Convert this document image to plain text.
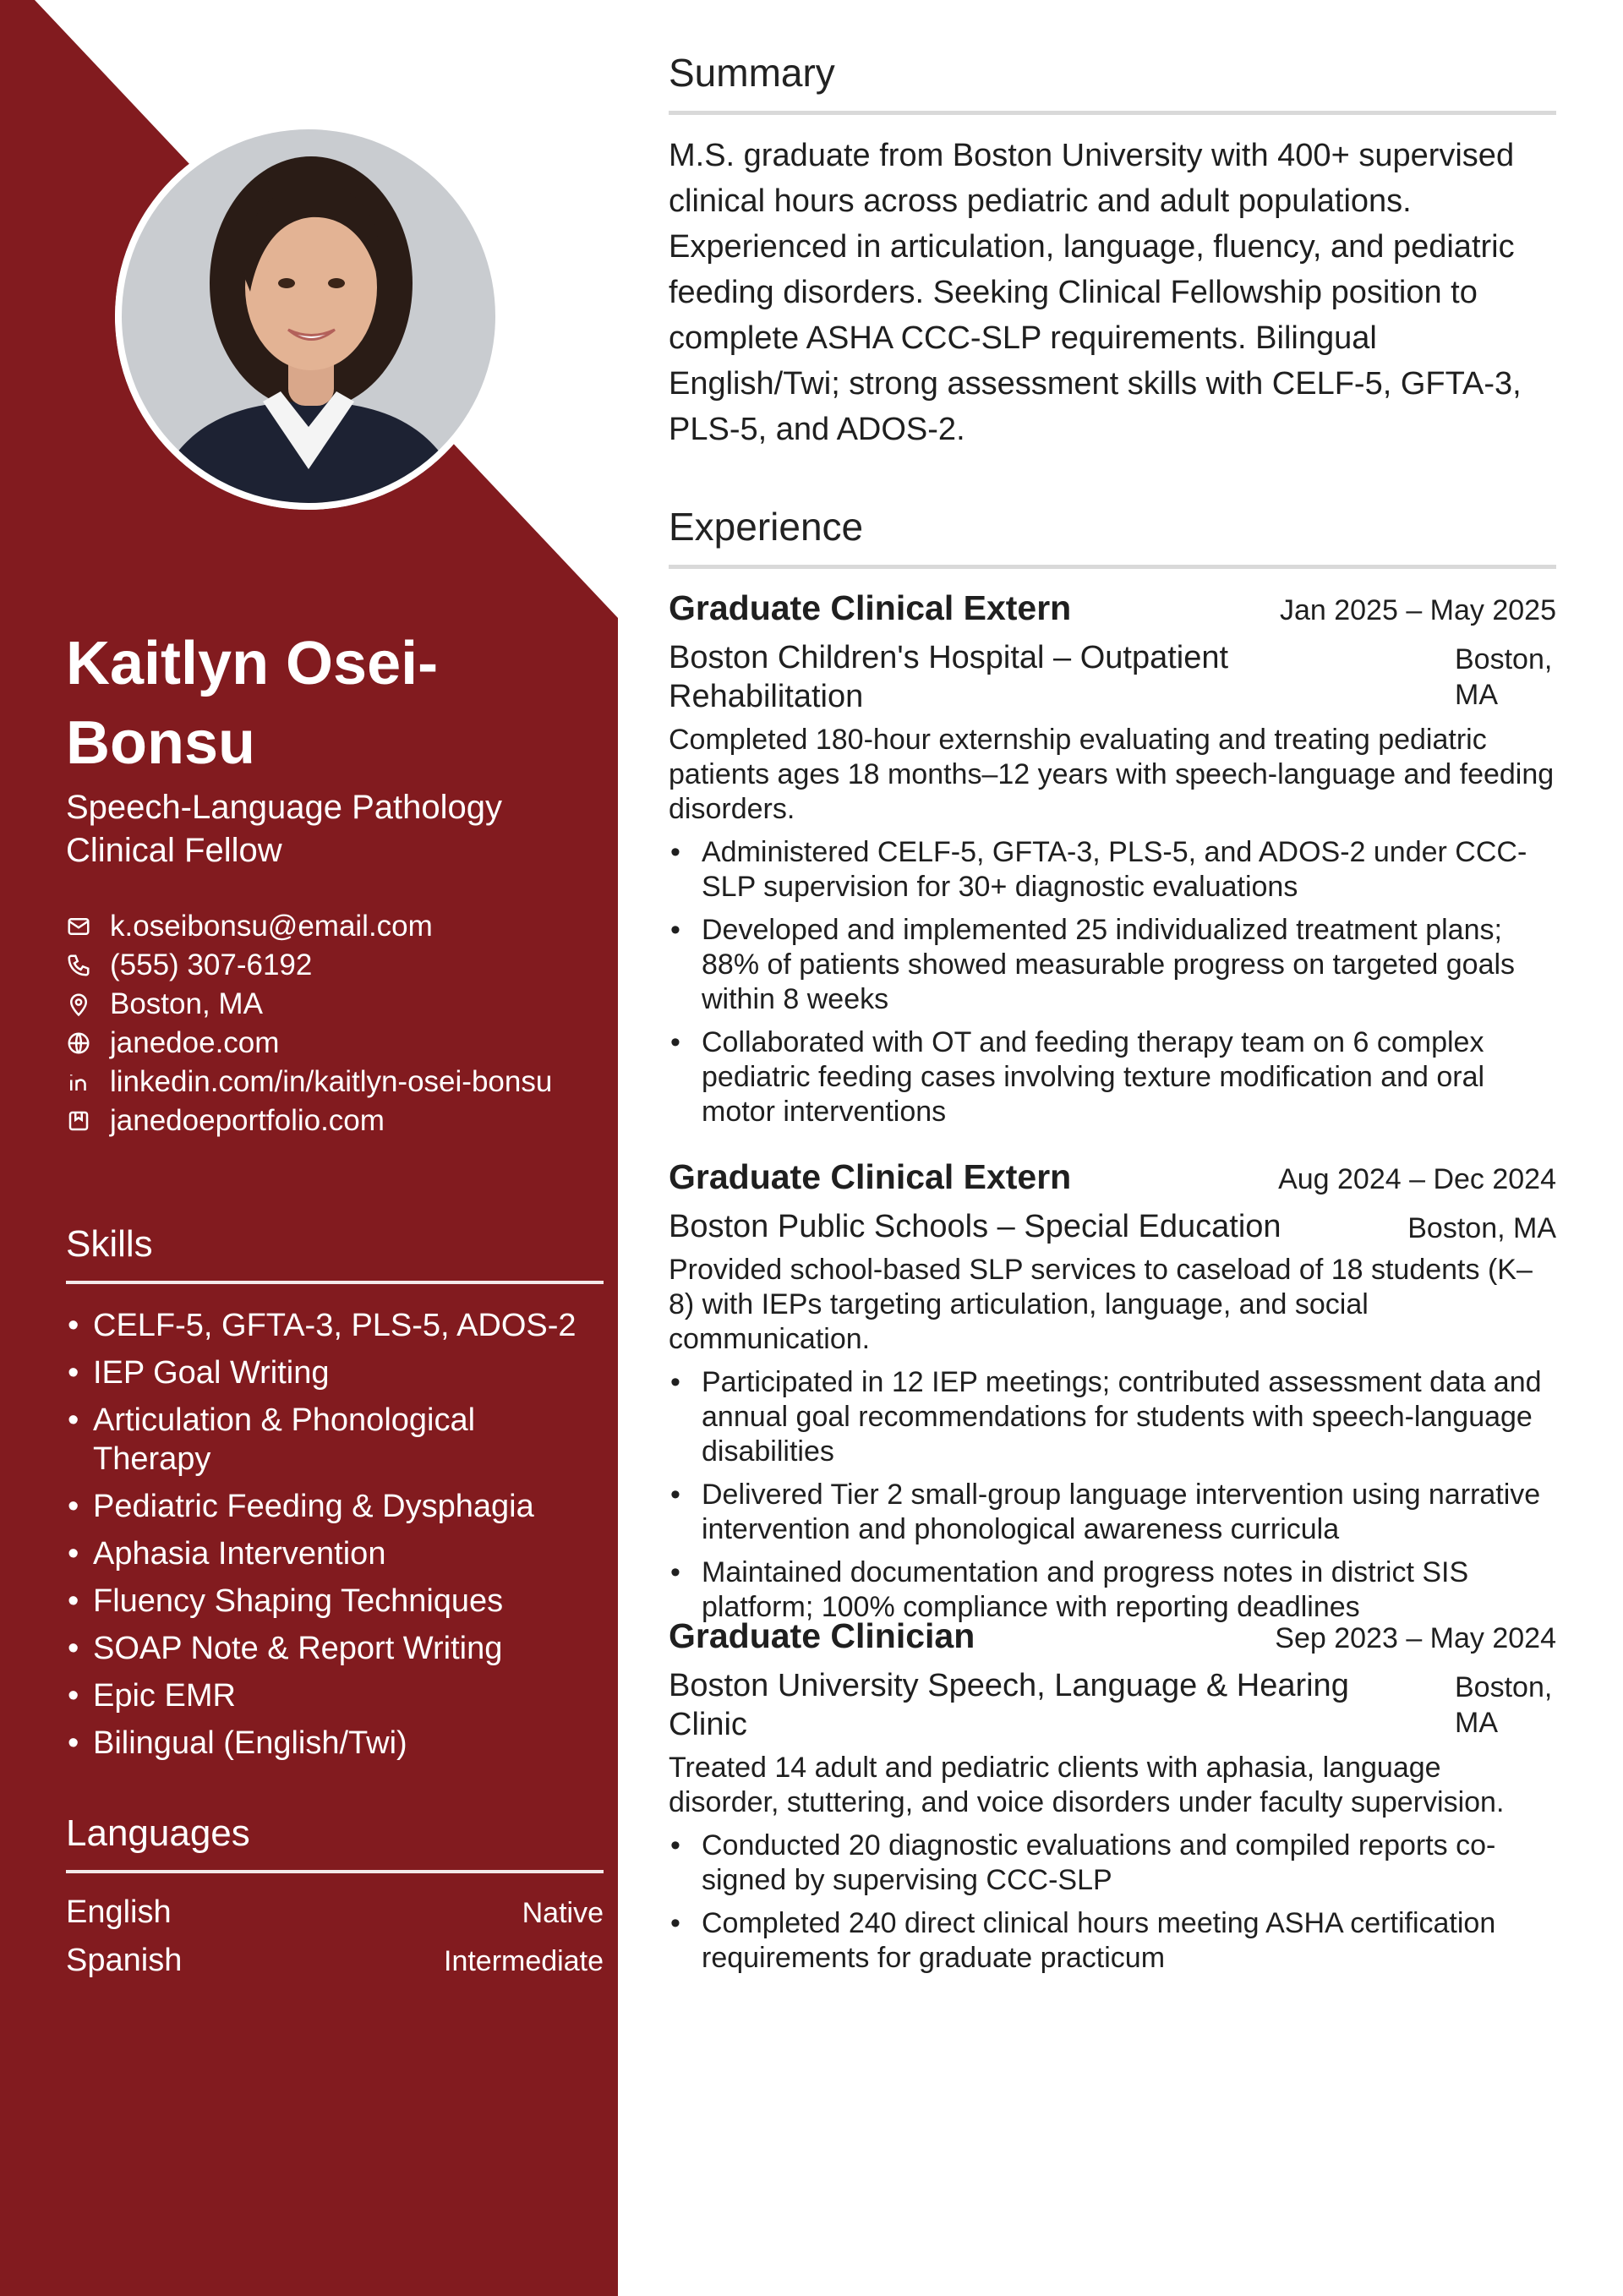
Kaitlyn Osei-Bonsu
Speech-Language Pathology Clinical Fellow
k.oseibonsu@email.com
(555) 307-6192
Boston, MA
janedoe.com
linkedin.com/in/kaitlyn-osei-bonsu
janedoeportfolio.com
Skills
• CELF-5, GFTA-3, PLS-5, ADOS-2
• IEP Goal Writing
• Articulation & Phonological Therapy
• Pediatric Feeding & Dysphagia
• Aphasia Intervention
• Fluency Shaping Techniques
• SOAP Note & Report Writing
• Epic EMR
• Bilingual (English/Twi)
Languages
English	Native
Spanish	Intermediate
Summary
M.S. graduate from Boston University with 400+ supervised clinical hours across pediatric and adult populations. Experienced in articulation, language, fluency, and pediatric feeding disorders. Seeking Clinical Fellowship position to complete ASHA CCC-SLP requirements. Bilingual English/Twi; strong assessment skills with CELF-5, GFTA-3, PLS-5, and ADOS-2.
Experience
Graduate Clinical Extern	Jan 2025 – May 2025
Boston Children's Hospital – Outpatient Rehabilitation
Boston, MA
Completed 180-hour externship evaluating and treating pediatric patients ages 18 months–12 years with speech-language and feeding disorders.
• Administered CELF-5, GFTA-3, PLS-5, and ADOS-2 under CCC-SLP supervision for 30+ diagnostic evaluations
• Developed and implemented 25 individualized treatment plans; 88% of patients showed measurable progress on targeted goals within 8 weeks
• Collaborated with OT and feeding therapy team on 6 complex pediatric feeding cases involving texture modification and oral motor interventions
Graduate Clinical Extern	Aug 2024 – Dec 2024
Boston Public Schools – Special Education	Boston, MA
Provided school-based SLP services to caseload of 18 students (K–8) with IEPs targeting articulation, language, and social communication.
• Participated in 12 IEP meetings; contributed assessment data and annual goal recommendations for students with speech-language disabilities
• Delivered Tier 2 small-group language intervention using narrative intervention and phonological awareness curricula
• Maintained documentation and progress notes in district SIS platform; 100% compliance with reporting deadlines
Graduate Clinician	Sep 2023 – May 2024
Boston University Speech, Language & Hearing Clinic
Boston, MA
Treated 14 adult and pediatric clients with aphasia, language disorder, stuttering, and voice disorders under faculty supervision.
• Conducted 20 diagnostic evaluations and compiled reports co-signed by supervising CCC-SLP
• Completed 240 direct clinical hours meeting ASHA certification requirements for graduate practicum
